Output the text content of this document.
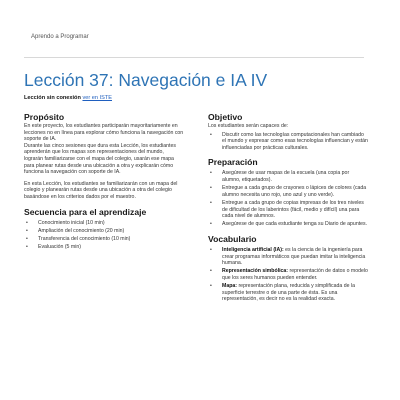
Aprendo a Programar
Lección 37: Navegación e IA IV
Lección sin conexión ver en ISTE
Propósito

En este proyecto, los estudiantes participarán mayoritariamente en lecciones no en línea para explorar cómo funciona la navegación con soporte de IA.

Durante las cinco sesiones que dura esta Lección, los estudiantes aprenderán que los mapas son representaciones del mundo, lograrán familiarizarse con el mapa del colegio, usarán ese mapa para planear rutas desde una ubicación a otra y explicarán cómo funciona la navegación con soporte de IA.

En esta Lección, los estudiantes se familiarizarán con un mapa del colegio y planearán rutas desde una ubicación a otra del colegio basándose en los criterios dados por el maestro.

Secuencia para el aprendizaje
• Conocimiento inicial (10 min)
• Ampliación del conocimiento (20 min)
• Transferencia del conocimiento (10 min)
• Evaluación (5 min)
Objetivo

Los estudiantes serán capaces de:

• Discutir como las tecnologías computacionales han cambiado el mundo y expresar como esas tecnologías influencian y están influenciadas por prácticas culturales.
Preparación
• Asegúrese de usar mapas de la escuela (una copia por alumno, etiquetados).
• Entregue a cada grupo de crayones o lápices de colores (cada alumno necesita uno rojo, uno azul y uno verde).
• Entregue a cada grupo de copias impresas de los tres niveles de dificultad de los laberintos (fácil, medio y difícil) una para cada nivel de alumnos.
• Asegúrese de que cada estudiante tenga su Diario de apuntes.
Vocabulario
• Inteligencia artificial (IA): es la ciencia de la ingeniería para crear programas informáticos que puedan imitar la inteligencia humana.
• Representación simbólica: representación de datos o modelo que los seres humanos pueden entender.
• Mapa: representación plana, reducida y simplificada de la superficie terrestre o de una parte de ésta. Es una representación, es decir no es la realidad exacta.
